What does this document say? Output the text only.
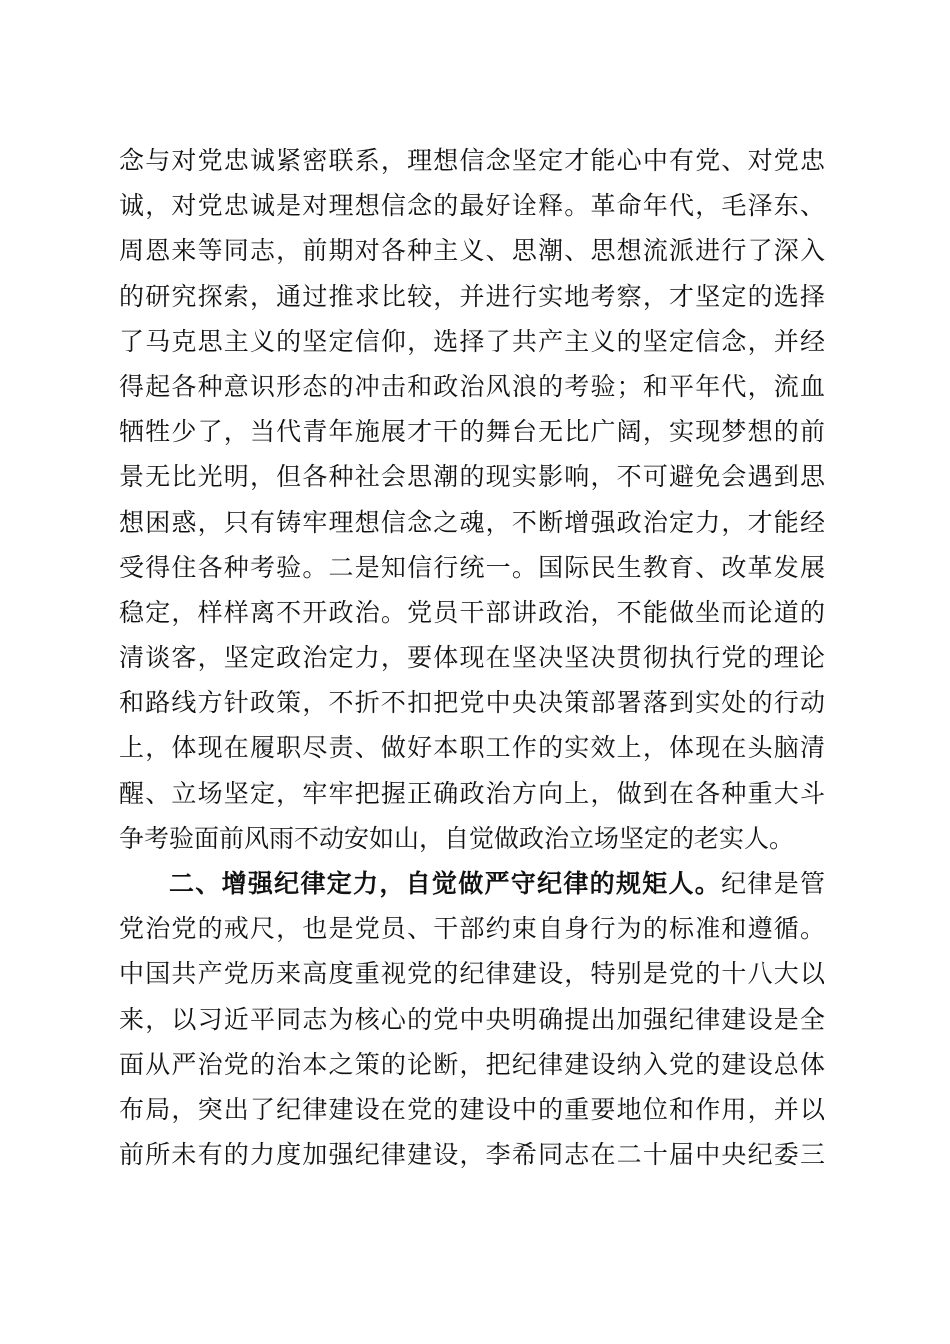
念与对党忠诚紧密联系，理想信念坚定才能心中有党、对党忠
诚，对党忠诚是对理想信念的最好诠释。革命年代，毛泽东、
周恩来等同志，前期对各种主义、思潮、思想流派进行了深入
的研究探索，通过推求比较，并进行实地考察，才坚定的选择
了马克思主义的坚定信仰，选择了共产主义的坚定信念，并经
得起各种意识形态的冲击和政治风浪的考验；和平年代，流血
牺牲少了，当代青年施展才干的舞台无比广阔，实现梦想的前
景无比光明，但各种社会思潮的现实影响，不可避免会遇到思
想困惑，只有铸牢理想信念之魂，不断增强政治定力，才能经
受得住各种考验。二是知信行统一。国际民生教育、改革发展
稳定，样样离不开政治。党员干部讲政治，不能做坐而论道的
清谈客，坚定政治定力，要体现在坚决坚决贯彻执行党的理论
和路线方针政策，不折不扣把党中央决策部署落到实处的行动
上，体现在履职尽责、做好本职工作的实效上，体现在头脑清
醒、立场坚定，牢牢把握正确政治方向上，做到在各种重大斗
争考验面前风雨不动安如山，自觉做政治立场坚定的老实人。
二、增强纪律定力，自觉做严守纪律的规矩人。纪律是管
党治党的戒尺，也是党员、干部约束自身行为的标准和遵循。
中国共产党历来高度重视党的纪律建设，特别是党的十八大以
来，以习近平同志为核心的党中央明确提出加强纪律建设是全
面从严治党的治本之策的论断，把纪律建设纳入党的建设总体
布局，突出了纪律建设在党的建设中的重要地位和作用，并以
前所未有的力度加强纪律建设，李希同志在二十届中央纪委三
